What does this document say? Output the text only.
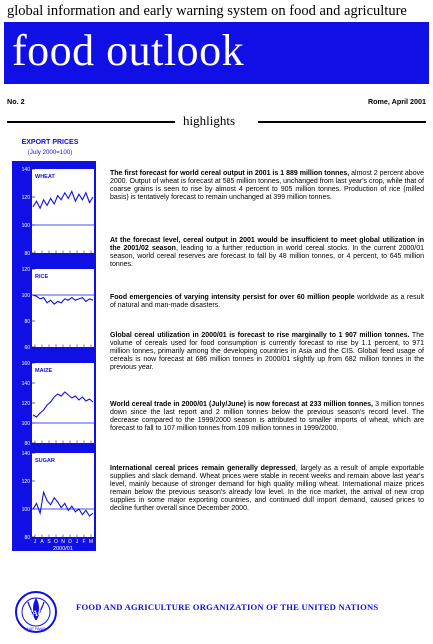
global information and early warning system on food and agriculture
food outlook
No. 2	Rome, April 2001
highlights
EXPORT PRICES
(July 2000=100)
80
100
120
140
WHEAT
60
80
100
120
RICE
80
100
120
140
160
MAIZE
80
100
120
140
SUGAR
J A S O N D J F M
2000/01
The first forecast for world cereal output in 2001 is 1 889 million tonnes, almost 2 percent above 2000. Output of wheat is forecast at 585 million tonnes, unchanged from last year's crop, while that of coarse grains is seen to rise by almost 4 percent to 905 million tonnes. Production of rice (milled basis) is tentatively forecast to remain unchanged at 399 million tonnes.
At the forecast level, cereal output in 2001 would be insufficient to meet global utilization in the 2001/02 season, leading to a further reduction in world cereal stocks. In the current 2000/01 season, world cereal reserves are forecast to fall by 48 million tonnes, or 4 percent, to 645 million tonnes.
Food emergencies of varying intensity persist for over 60 million people worldwide as a result of natural and man-made disasters.
Global cereal utilization in 2000/01 is forecast to rise marginally to 1 907 million tonnes. The volume of cereals used for food consumption is currently forecast to rise by 1.1 percent, to 971 million tonnes, primarily among the developing countries in Asia and the CIS. Global feed usage of cereals is now forecast at 686 million tonnes in 2000/01 slightly up from 682 million tonnes in the previous year.
World cereal trade in 2000/01 (July/June) is now forecast at 233 million tonnes, 3 million tonnes down since the last report and 2 million tonnes below the previous season's record level. The decrease compared to the 1999/2000 season is attributed to smaller imports of wheat, which are forecast to fall to 107 million tonnes from 109 million tonnes in 1999/2000.
International cereal prices remain generally depressed, largely as a result of ample exportable supplies and slack demand. Wheat prices were stable in recent weeks and remain above last year's level, mainly because of stronger demand for high quality milling wheat. International maize prices remain below the previous season's already low level. In the rice market, the arrival of new crop supplies in some major exporting countries, and continued dull import demand, caused prices to decline further overall since December 2000.
FAO
FIAT PANIS
FOOD AND AGRICULTURE ORGANIZATION OF THE UNITED NATIONS
